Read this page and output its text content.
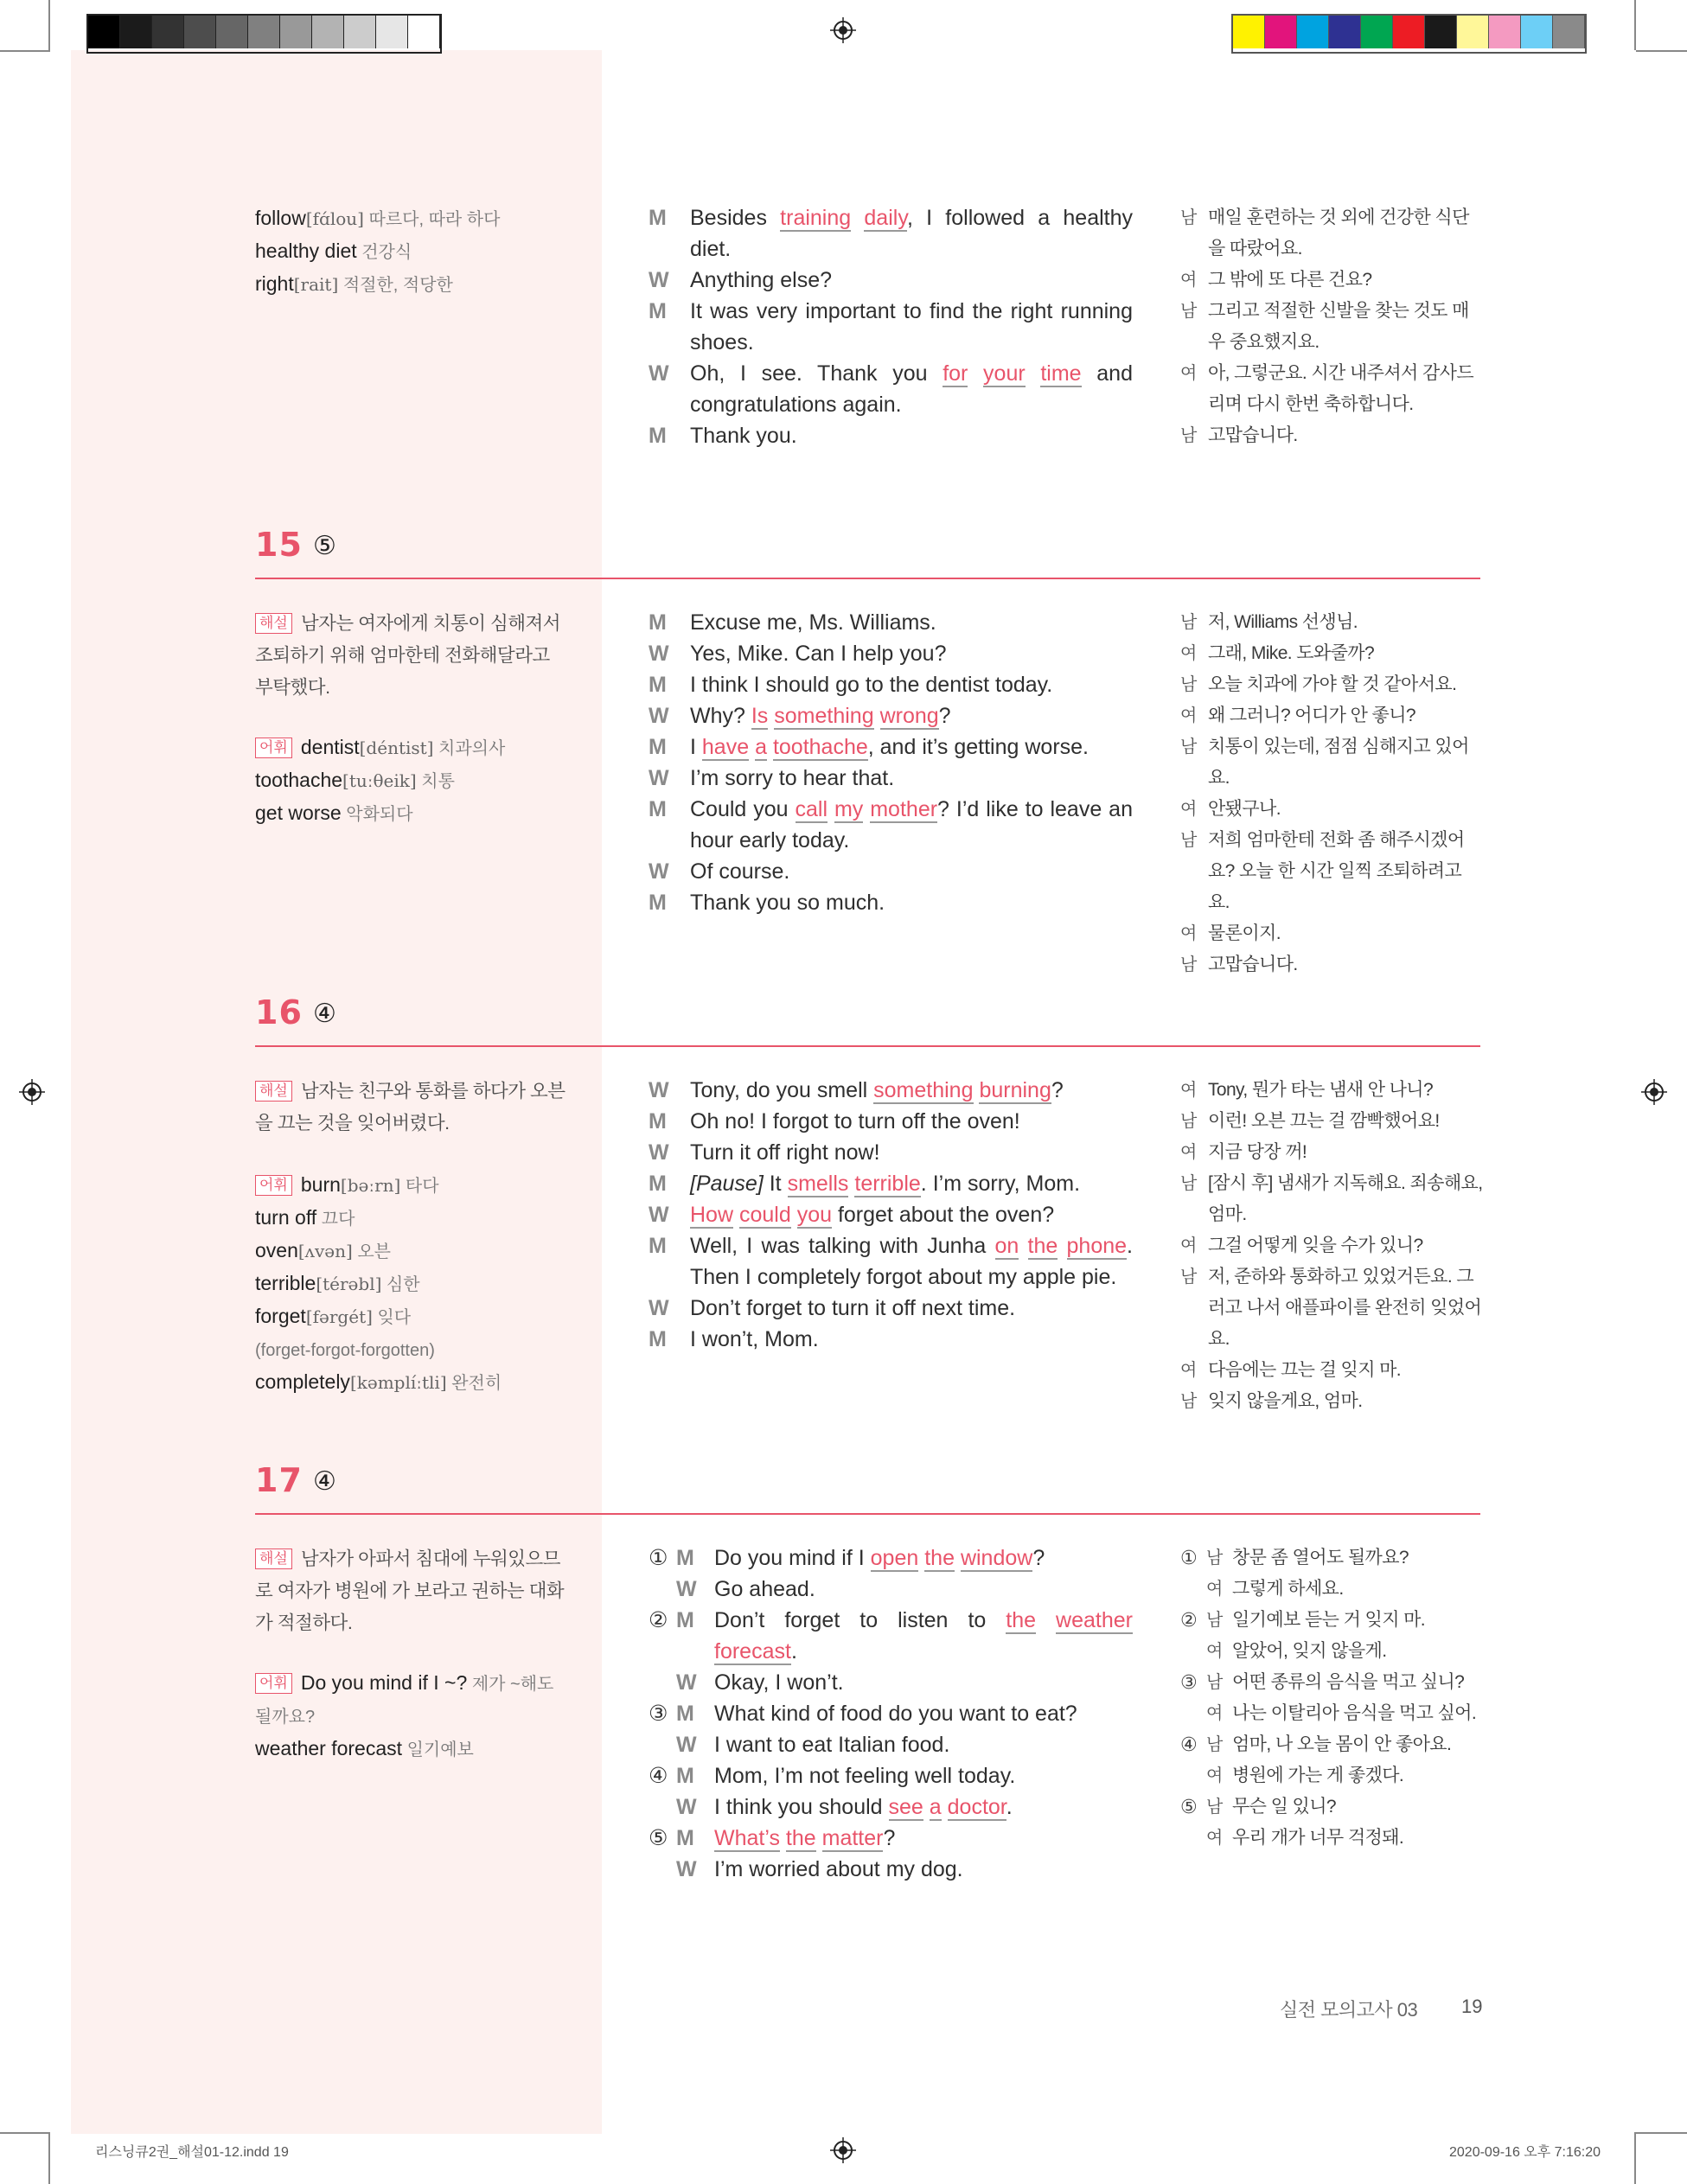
follow[fɑ́lou] 따르다, 따라 하다
healthy diet 건강식
right[rait] 적절한, 적당한
M Besides training daily, I followed a healthy diet.
W Anything else?
M It was very important to find the right running shoes.
W Oh, I see. Thank you for your time and congratulations again.
M Thank you.
남 매일 훈련하는 것 외에 건강한 식단을 따랐어요.
여 그 밖에 또 다른 건요?
남 그리고 적절한 신발을 찾는 것도 매우 중요했지요.
여 아, 그렇군요. 시간 내주셔서 감사드리며 다시 한번 축하합니다.
남 고맙습니다.
15 ⑤
해설 남자는 여자에게 치통이 심해져서 조퇴하기 위해 엄마한테 전화해달라고 부탁했다.
어휘 dentist[déntist] 치과의사
toothache[tuːθeik] 치통
get worse 악화되다
M Excuse me, Ms. Williams.
W Yes, Mike. Can I help you?
M I think I should go to the dentist today.
W Why? Is something wrong?
M I have a toothache, and it’s getting worse.
W I’m sorry to hear that.
M Could you call my mother? I’d like to leave an hour early today.
W Of course.
M Thank you so much.
남 저, Williams 선생님.
여 그래, Mike. 도와줄까?
남 오늘 치과에 가야 할 것 같아서요.
여 왜 그러니? 어디가 안 좋니?
남 치통이 있는데, 점점 심해지고 있어요.
여 안됐구나.
남 저희 엄마한테 전화 좀 해주시겠어요? 오늘 한 시간 일찍 조퇴하려고요.
여 물론이지.
남 고맙습니다.
16 ④
해설 남자는 친구와 통화를 하다가 오븐을 끄는 것을 잊어버렸다.
어휘 burn[bəːrn] 타다
turn off 끄다
oven[ʌvən] 오븐
terrible[térəbl] 심한
forget[fərgét] 잊다
(forget-forgot-forgotten)
completely[kəmplíːtli] 완전히
W Tony, do you smell something burning?
M Oh no! I forgot to turn off the oven!
W Turn it off right now!
M [Pause] It smells terrible. I’m sorry, Mom.
W How could you forget about the oven?
M Well, I was talking with Junha on the phone. Then I completely forgot about my apple pie.
W Don’t forget to turn it off next time.
M I won’t, Mom.
여 Tony, 뭔가 타는 냄새 안 나니?
남 이런! 오븐 끄는 걸 깜빡했어요!
여 지금 당장 꺼!
남 [잠시 후] 냄새가 지독해요. 죄송해요, 엄마.
여 그걸 어떻게 잊을 수가 있니?
남 저, 준하와 통화하고 있었거든요. 그러고 나서 애플파이를 완전히 잊었어요.
여 다음에는 끄는 걸 잊지 마.
남 잊지 않을게요, 엄마.
17 ④
해설 남자가 아파서 침대에 누워있으므로 여자가 병원에 가 보라고 권하는 대화가 적절하다.
어휘 Do you mind if I ~? 제가 ~해도 될까요?
weather forecast 일기예보
① M Do you mind if I open the window?
W Go ahead.
② M Don’t forget to listen to the weather forecast.
W Okay, I won’t.
③ M What kind of food do you want to eat?
W I want to eat Italian food.
④ M Mom, I’m not feeling well today.
W I think you should see a doctor.
⑤ M What’s the matter?
W I’m worried about my dog.
① 남 창문 좀 열어도 될까요?
여 그렇게 하세요.
② 남 일기예보 듣는 거 잊지 마.
여 알았어, 잊지 않을게.
③ 남 어떤 종류의 음식을 먹고 싶니?
여 나는 이탈리아 음식을 먹고 싶어.
④ 남 엄마, 나 오늘 몸이 안 좋아요.
여 병원에 가는 게 좋겠다.
⑤ 남 무슨 일 있니?
여 우리 개가 너무 걱정돼.
실전 모의고사 03 19
리스닝큐2권_해설01-12.indd 19	2020-09-16 오후 7:16:20
